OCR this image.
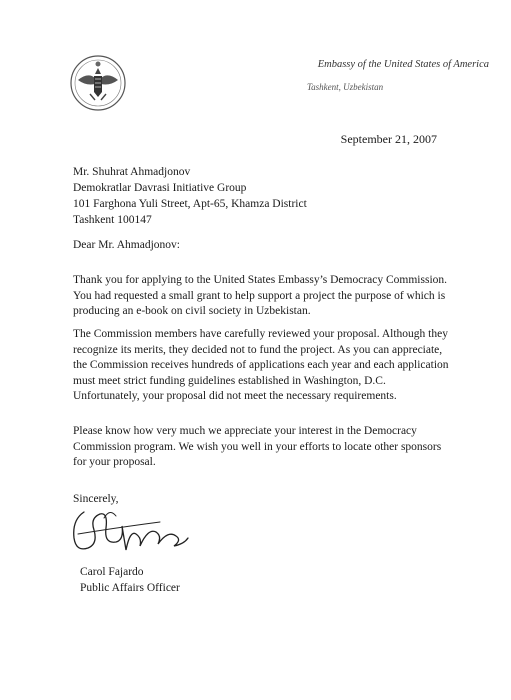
Embassy of the United States of America
Tashkent, Uzbekistan
September 21, 2007
Mr. Shuhrat Ahmadjonov
Demokratlar Davrasi Initiative Group
101 Farghona Yuli Street, Apt-65, Khamza District
Tashkent 100147
Dear Mr. Ahmadjonov:

Thank you for applying to the United States Embassy’s Democracy Commission. You had requested a small grant to help support a project the purpose of which is producing an e-book on civil society in Uzbekistan.

The Commission members have carefully reviewed your proposal. Although they recognize its merits, they decided not to fund the project. As you can appreciate, the Commission receives hundreds of applications each year and each application must meet strict funding guidelines established in Washington, D.C. Unfortunately, your proposal did not meet the necessary requirements.

Please know how very much we appreciate your interest in the Democracy Commission program. We wish you well in your efforts to locate other sponsors for your proposal.

Sincerely,
Carol Fajardo
Public Affairs Officer
